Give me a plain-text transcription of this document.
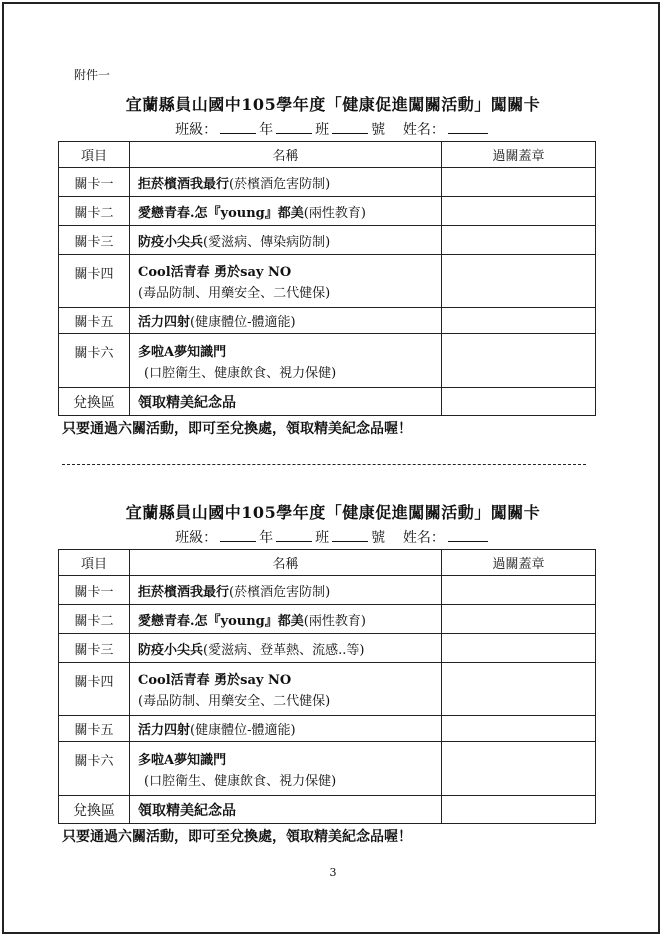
附件一
宜蘭縣員山國中105學年度「健康促進闖關活動」闖關卡
班級：	年	班	號 姓名：
項目	名稱	過關蓋章
關卡一	拒菸檳酒我最行(菸檳酒危害防制)	
關卡二	愛戀青春.怎『young』都美(兩性教育)	
關卡三	防疫小尖兵(愛滋病、傳染病防制)	
關卡四	Cool活青春 勇於say NO
(毒品防制、用藥安全、二代健保)	

關卡五	活力四射(健康體位-體適能)	
關卡六	多啦A夢知識門
(口腔衛生、健康飲食、視力保健)	

兌換區	領取精美紀念品	
只要通過六關活動，即可至兌換處，領取精美紀念品喔！
宜蘭縣員山國中105學年度「健康促進闖關活動」闖關卡
班級：	年	班	號 姓名：
項目	名稱	過關蓋章
關卡一	拒菸檳酒我最行(菸檳酒危害防制)	
關卡二	愛戀青春.怎『young』都美(兩性教育)	
關卡三	防疫小尖兵(愛滋病、登革熱、流感..等)	
關卡四	Cool活青春 勇於say NO
(毒品防制、用藥安全、二代健保)	

關卡五	活力四射(健康體位-體適能)	
關卡六	多啦A夢知識門
(口腔衛生、健康飲食、視力保健)	

兌換區	領取精美紀念品	
只要通過六關活動，即可至兌換處，領取精美紀念品喔！
3
